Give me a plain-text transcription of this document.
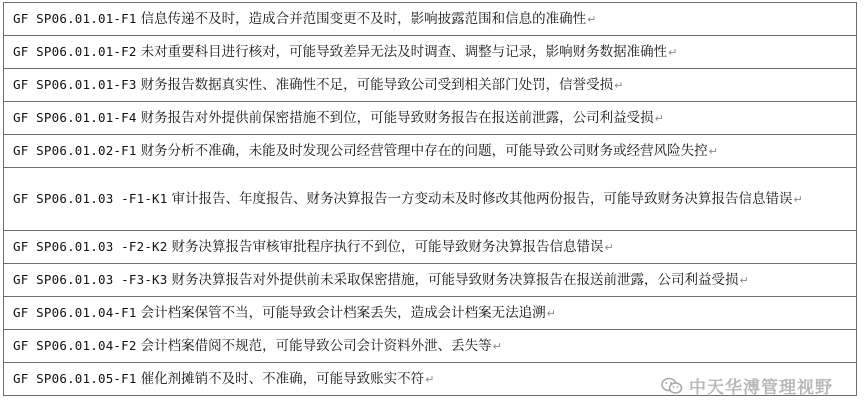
GF SP06.01.01-F1 信息传递不及时，造成合并范围变更不及时，影响披露范围和信息的准确性↵
GF SP06.01.01-F2 未对重要科目进行核对，可能导致差异无法及时调查、调整与记录，影响财务数据准确性↵
GF SP06.01.01-F3 财务报告数据真实性、准确性不足，可能导致公司受到相关部门处罚，信誉受损↵
GF SP06.01.01-F4 财务报告对外提供前保密措施不到位，可能导致财务报告在报送前泄露，公司利益受损↵
GF SP06.01.02-F1 财务分析不准确，未能及时发现公司经营管理中存在的问题，可能导致公司财务或经营风险失控↵
GF SP06.01.03 -F1-K1 审计报告、年度报告、财务决算报告一方变动未及时修改其他两份报告，可能导致财务决算报告信息错误↵
GF SP06.01.03 -F2-K2 财务决算报告审核审批程序执行不到位，可能导致财务决算报告信息错误↵
GF SP06.01.03 -F3-K3 财务决算报告对外提供前未采取保密措施，可能导致财务决算报告在报送前泄露，公司利益受损↵
GF SP06.01.04-F1 会计档案保管不当，可能导致会计档案丢失，造成会计档案无法追溯↵
GF SP06.01.04-F2 会计档案借阅不规范，可能导致公司会计资料外泄、丢失等↵
GF SP06.01.05-F1 催化剂摊销不及时、不准确，可能导致账实不符↵	中天华溥管理视野
